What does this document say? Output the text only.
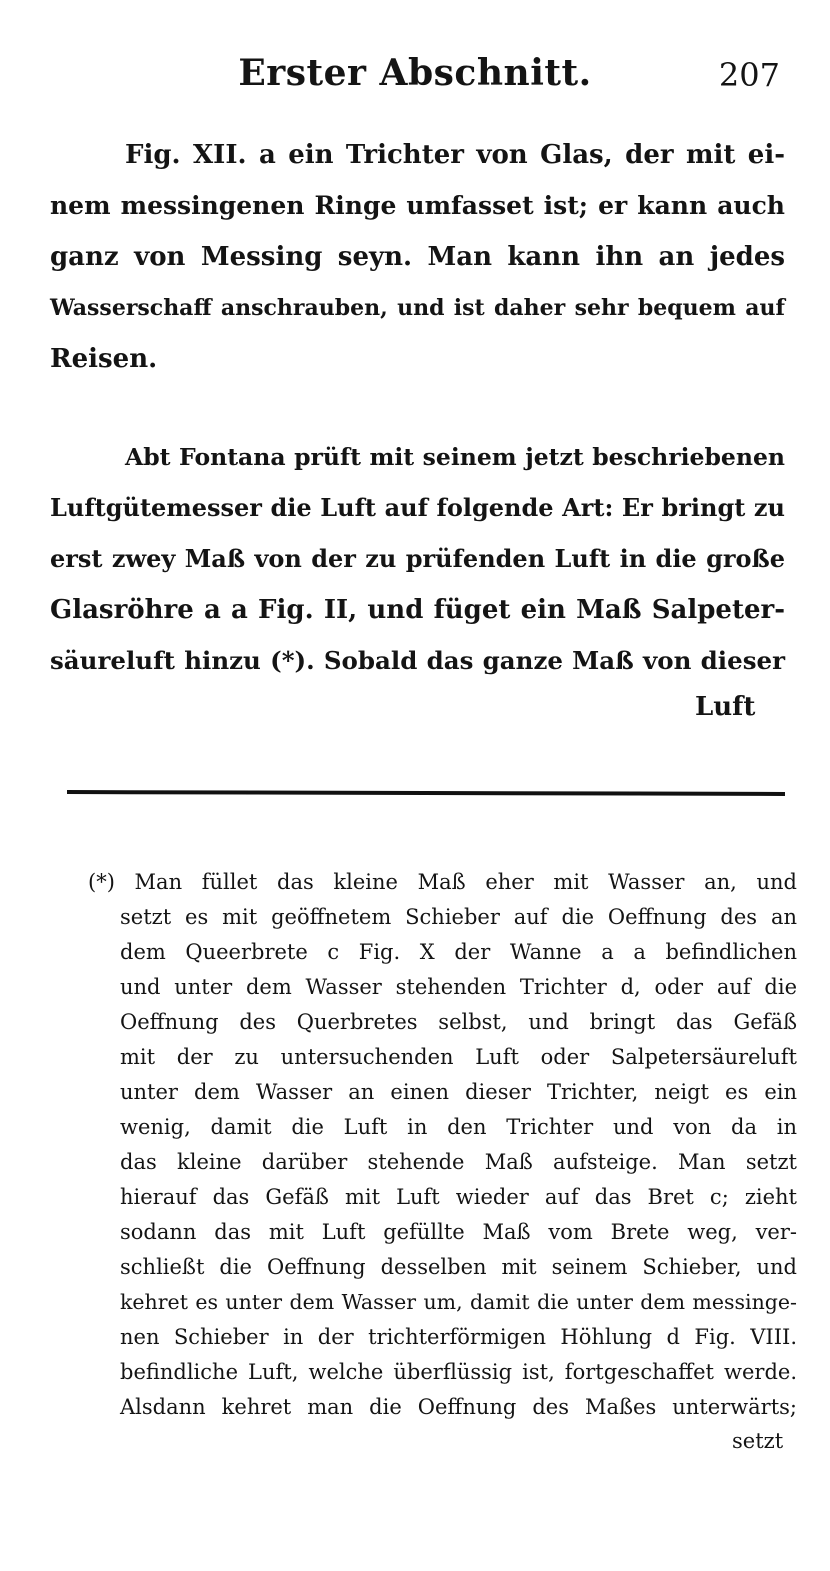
Erster Abschnitt.	207
Fig. XII. a ein Trichter von Glas, der mit ei-
nem messingenen Ringe umfasset ist; er kann auch
ganz von Messing seyn. Man kann ihn an jedes
Wasserschaff anschrauben, und ist daher sehr bequem auf
Reisen.
Abt Fontana prüft mit seinem jetzt beschriebenen
Luftgütemesser die Luft auf folgende Art: Er bringt zu
erst zwey Maß von der zu prüfenden Luft in die große
Glasröhre a a Fig. II, und füget ein Maß Salpeter-
säureluft hinzu (*). Sobald das ganze Maß von dieser
Luft
(*) Man füllet das kleine Maß eher mit Wasser an, und
setzt es mit geöffnetem Schieber auf die Oeffnung des an
dem Queerbrete c Fig. X der Wanne a a befindlichen
und unter dem Wasser stehenden Trichter d, oder auf die
Oeffnung des Querbretes selbst, und bringt das Gefäß
mit der zu untersuchenden Luft oder Salpetersäureluft
unter dem Wasser an einen dieser Trichter, neigt es ein
wenig, damit die Luft in den Trichter und von da in
das kleine darüber stehende Maß aufsteige. Man setzt
hierauf das Gefäß mit Luft wieder auf das Bret c; zieht
sodann das mit Luft gefüllte Maß vom Brete weg, ver-
schließt die Oeffnung desselben mit seinem Schieber, und
kehret es unter dem Wasser um, damit die unter dem messinge-
nen Schieber in der trichterförmigen Höhlung d Fig. VIII.
befindliche Luft, welche überflüssig ist, fortgeschaffet werde.
Alsdann kehret man die Oeffnung des Maßes unterwärts;
setzt
